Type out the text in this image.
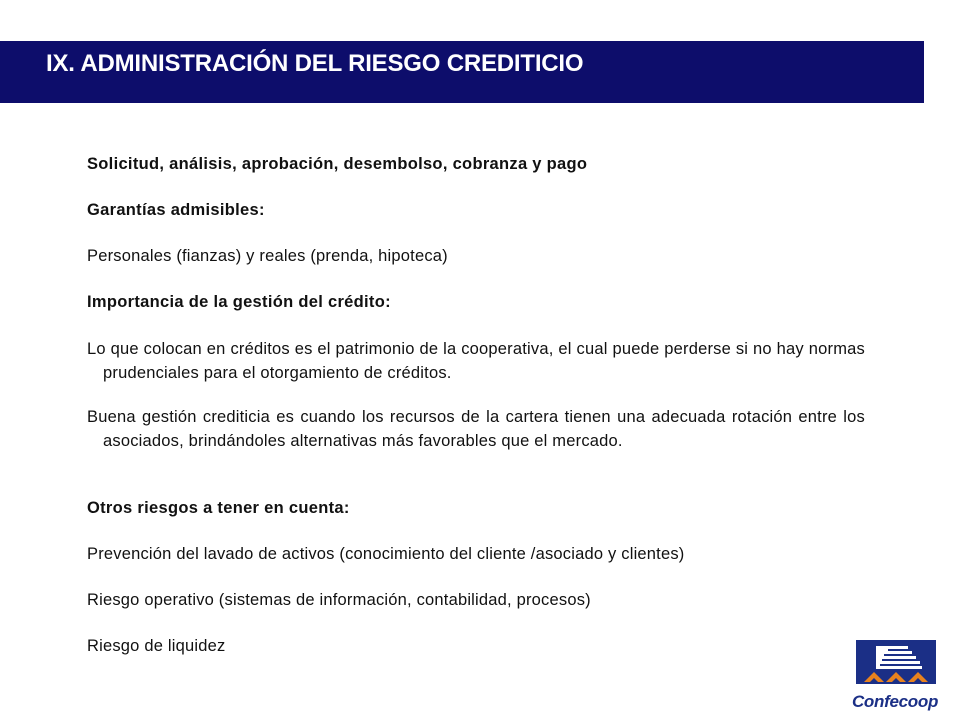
IX. ADMINISTRACIÓN DEL RIESGO CREDITICIO
Solicitud, análisis, aprobación, desembolso, cobranza y pago
Garantías admisibles:
Personales (fianzas) y reales (prenda, hipoteca)
Importancia de la gestión del crédito:
Lo que colocan en créditos es el patrimonio de la cooperativa, el cual puede perderse si no hay normas prudenciales para el otorgamiento de créditos.
Buena gestión crediticia es cuando los recursos de la cartera tienen una adecuada rotación entre los asociados, brindándoles alternativas más favorables que el mercado.
Otros riesgos a tener en cuenta:
Prevención del lavado de activos (conocimiento del cliente /asociado y clientes)
Riesgo operativo (sistemas de información, contabilidad, procesos)
Riesgo de liquidez
Confecoop
